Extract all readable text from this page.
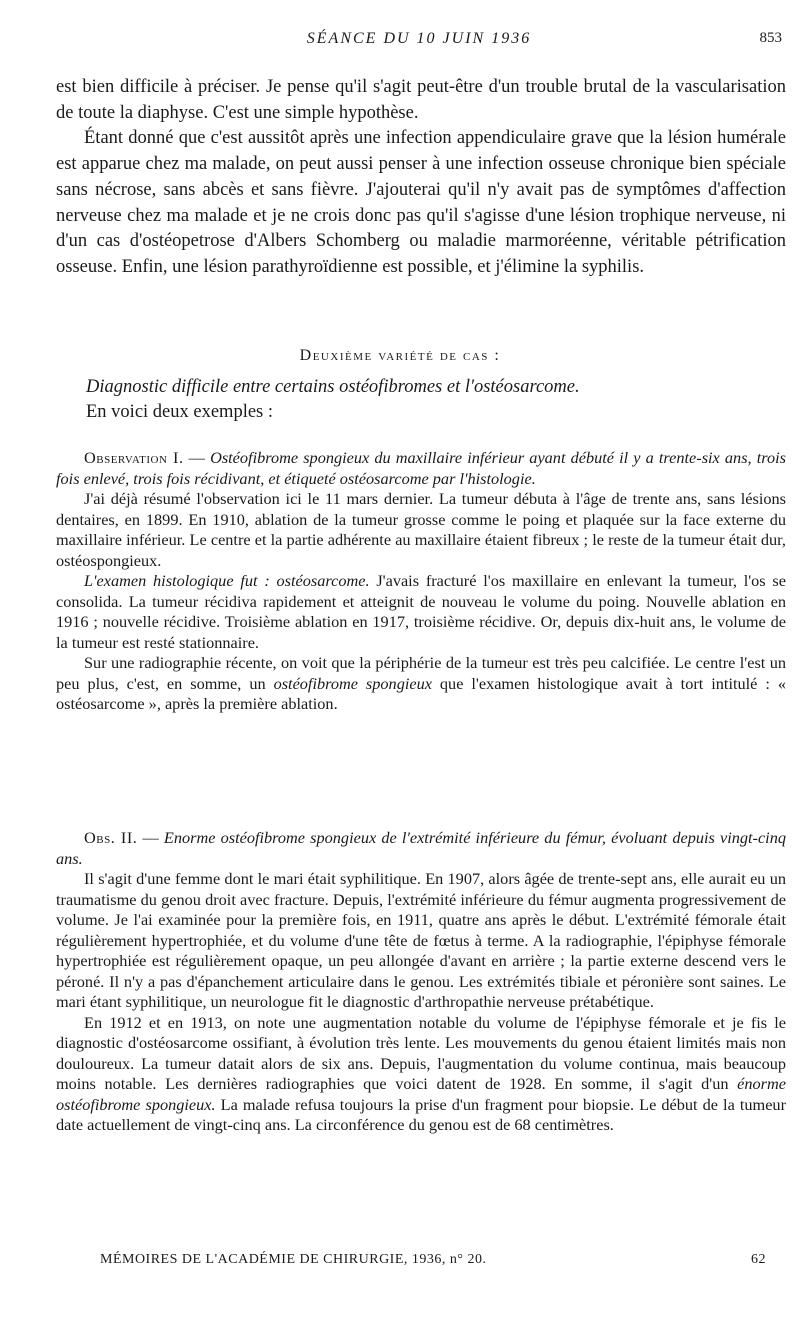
SÉANCE DU 10 JUIN 1936	853

est bien difficile à préciser. Je pense qu'il s'agit peut-être d'un trouble brutal de la vascularisation de toute la diaphyse. C'est une simple hypothèse.

Étant donné que c'est aussitôt après une infection appendiculaire grave que la lésion humérale est apparue chez ma malade, on peut aussi penser à une infection osseuse chronique bien spéciale sans nécrose, sans abcès et sans fièvre. J'ajouterai qu'il n'y avait pas de symptômes d'affection nerveuse chez ma malade et je ne crois donc pas qu'il s'agisse d'une lésion trophique nerveuse, ni d'un cas d'ostéopetrose d'Albers Schomberg ou maladie marmoréenne, véritable pétrification osseuse. Enfin, une lésion parathyroïdienne est possible, et j'élimine la syphilis.

Deuxième variété de cas :
Diagnostic difficile entre certains ostéofibromes et l'ostéosarcome.
En voici deux exemples :

Observation I. — Ostéofibrome spongieux du maxillaire inférieur ayant débuté il y a trente-six ans, trois fois enlevé, trois fois récidivant, et étiqueté ostéosarcome par l'histologie.

J'ai déjà résumé l'observation ici le 11 mars dernier. La tumeur débuta à l'âge de trente ans, sans lésions dentaires, en 1899. En 1910, ablation de la tumeur grosse comme le poing et plaquée sur la face externe du maxillaire inférieur. Le centre et la partie adhérente au maxillaire étaient fibreux ; le reste de la tumeur était dur, ostéospongieux.

L'examen histologique fut : ostéosarcome. J'avais fracturé l'os maxillaire en enlevant la tumeur, l'os se consolida. La tumeur récidiva rapidement et atteignit de nouveau le volume du poing. Nouvelle ablation en 1916 ; nouvelle récidive. Troisième ablation en 1917, troisième récidive. Or, depuis dix-huit ans, le volume de la tumeur est resté stationnaire.

Sur une radiographie récente, on voit que la périphérie de la tumeur est très peu calcifiée. Le centre l'est un peu plus, c'est, en somme, un ostéofibrome spongieux que l'examen histologique avait à tort intitulé : « ostéosarcome », après la première ablation.

Obs. II. — Enorme ostéofibrome spongieux de l'extrémité inférieure du fémur, évoluant depuis vingt-cinq ans.

Il s'agit d'une femme dont le mari était syphilitique. En 1907, alors âgée de trente-sept ans, elle aurait eu un traumatisme du genou droit avec fracture. Depuis, l'extrémité inférieure du fémur augmenta progressivement de volume. Je l'ai examinée pour la première fois, en 1911, quatre ans après le début. L'extrémité fémorale était régulièrement hypertrophiée, et du volume d'une tête de fœtus à terme. A la radiographie, l'épiphyse fémorale hypertrophiée est régulièrement opaque, un peu allongée d'avant en arrière ; la partie externe descend vers le péroné. Il n'y a pas d'épanchement articulaire dans le genou. Les extrémités tibiale et péronière sont saines. Le mari étant syphilitique, un neurologue fit le diagnostic d'arthropathie nerveuse prétabétique.

En 1912 et en 1913, on note une augmentation notable du volume de l'épiphyse fémorale et je fis le diagnostic d'ostéosarcome ossifiant, à évolution très lente. Les mouvements du genou étaient limités mais non douloureux. La tumeur datait alors de six ans. Depuis, l'augmentation du volume continua, mais beaucoup moins notable. Les dernières radiographies que voici datent de 1928. En somme, il s'agit d'un énorme ostéofibrome spongieux. La malade refusa toujours la prise d'un fragment pour biopsie. Le début de la tumeur date actuellement de vingt-cinq ans. La circonférence du genou est de 68 centimètres.

MÉMOIRES DE L'ACADÉMIE DE CHIRURGIE, 1936, n° 20.	62
